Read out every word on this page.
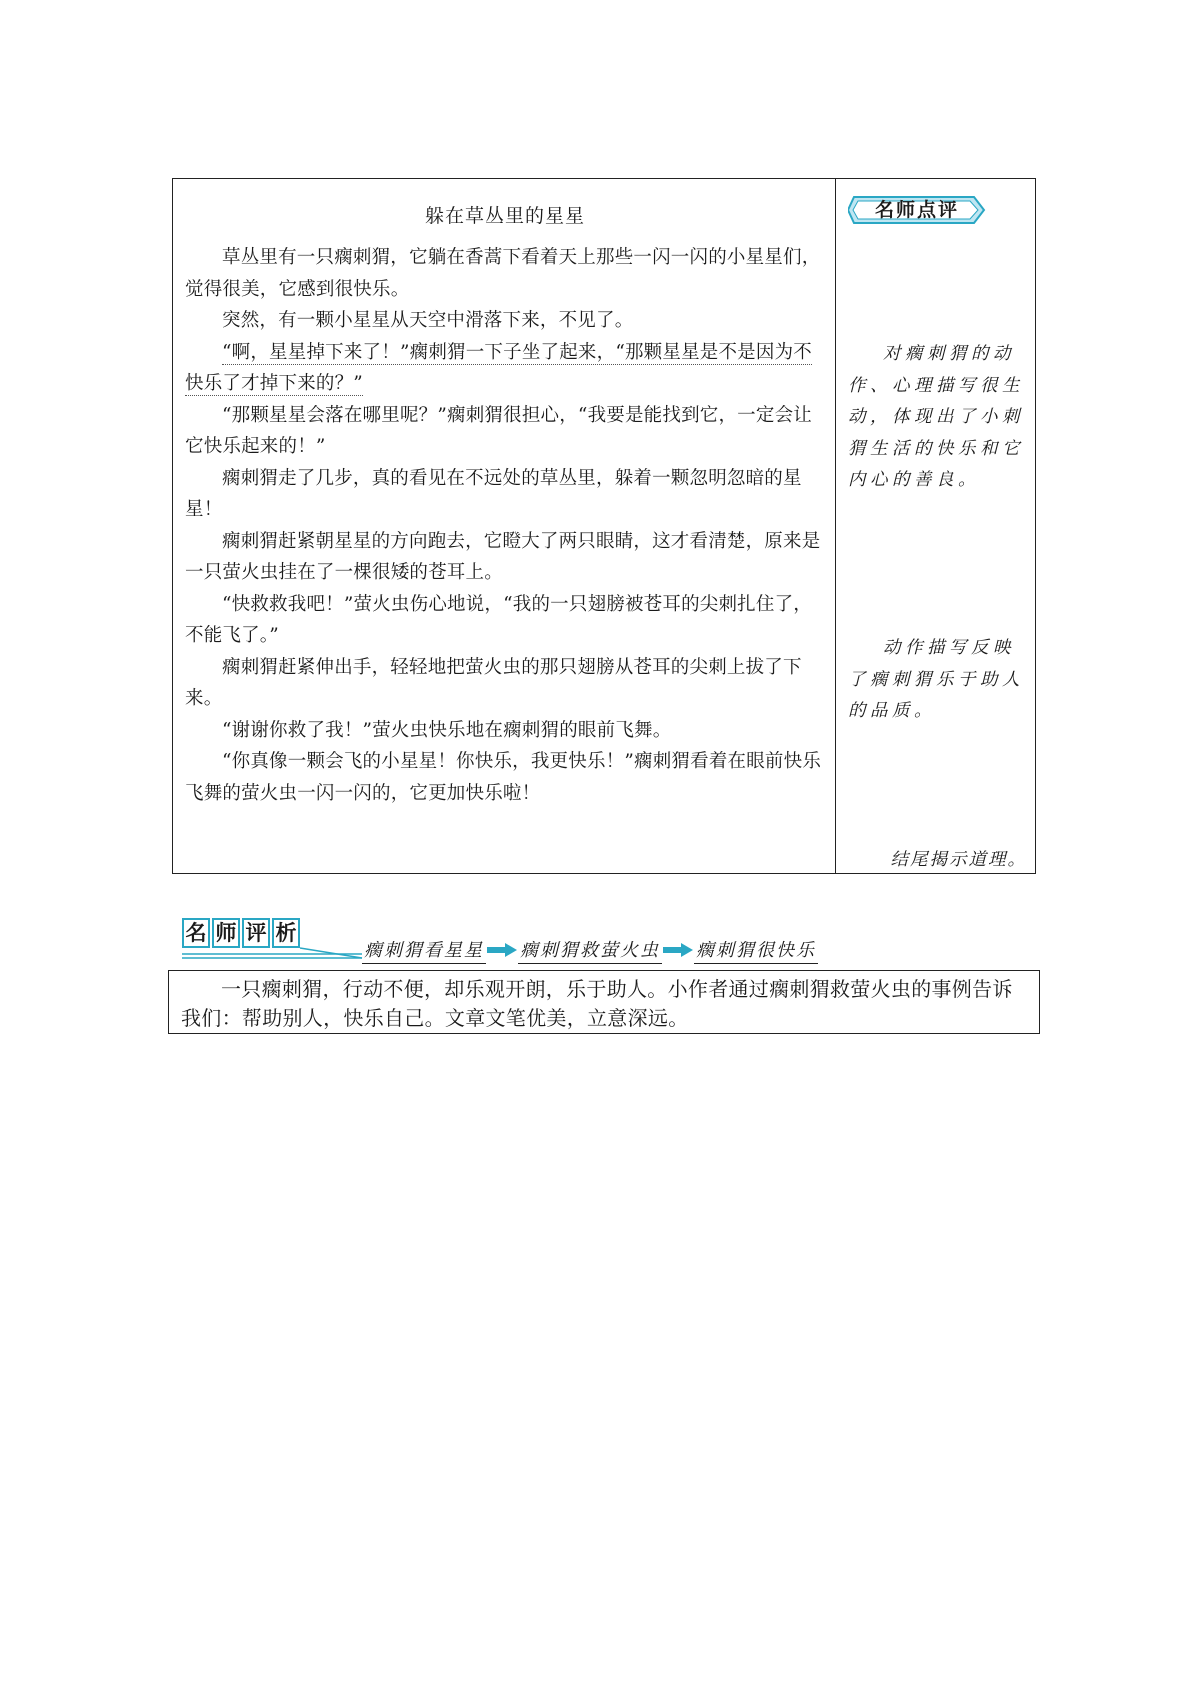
躲在草丛里的星星

草丛里有一只瘸刺猬，它躺在香蒿下看着天上那些一闪一闪的小星星们，觉得很美，它感到很快乐。

突然，有一颗小星星从天空中滑落下来，不见了。

“啊，星星掉下来了！”瘸刺猬一下子坐了起来，“那颗星星是不是因为不快乐了才掉下来的？”

“那颗星星会落在哪里呢？”瘸刺猬很担心，“我要是能找到它，一定会让它快乐起来的！”

瘸刺猬走了几步，真的看见在不远处的草丛里，躲着一颗忽明忽暗的星星！

瘸刺猬赶紧朝星星的方向跑去，它瞪大了两只眼睛，这才看清楚，原来是一只萤火虫挂在了一棵很矮的苍耳上。

“快救救我吧！”萤火虫伤心地说，“我的一只翅膀被苍耳的尖刺扎住了，不能飞了。”

瘸刺猬赶紧伸出手，轻轻地把萤火虫的那只翅膀从苍耳的尖刺上拔了下来。

“谢谢你救了我！”萤火虫快乐地在瘸刺猬的眼前飞舞。

“你真像一颗会飞的小星星！你快乐，我更快乐！”瘸刺猬看着在眼前快乐飞舞的萤火虫一闪一闪的，它更加快乐啦！

名师点评
对瘸刺猬的动作、心理描写很生动，体现出了小刺猬生活的快乐和它内心的善良。
动作描写反映了瘸刺猬乐于助人的品质。
结尾揭示道理。
名 师 评 析
瘸刺猬看星星 瘸刺猬救萤火虫 瘸刺猬很快乐

一只瘸刺猬，行动不便，却乐观开朗，乐于助人。小作者通过瘸刺猬救萤火虫的事例告诉我们：帮助别人，快乐自己。文章文笔优美，立意深远。
